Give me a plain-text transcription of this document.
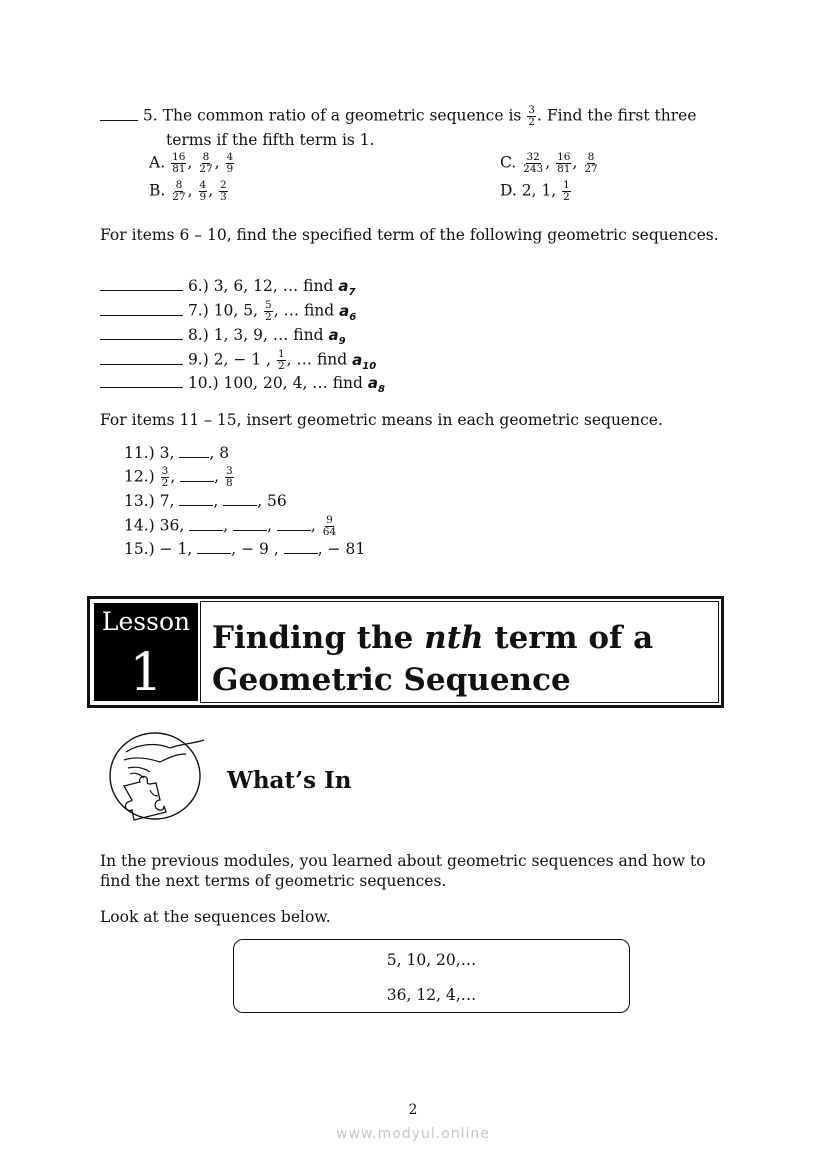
5. The common ratio of a geometric sequence is $\frac{3}{2}$ . Find the first three
terms if the fifth term is 1.
A. $\frac{16}{81}$ , $\frac{8}{27}$ , $\frac{4}{9}$
B. $\frac{8}{27}$ , $\frac{4}{9}$ , $\frac{2}{3}$
C. $\frac{32}{243}$ , $\frac{16}{81}$ , $\frac{8}{27}$
D. 2, 1, $\frac{1}{2}$
For items 6 – 10, find the specified term of the following geometric sequences.
6.) 3, 6, 12, … find $a_7$
7.) 10, 5, $\frac{5}{2}$ , … find $a_6$
8.) 1, 3, 9, … find $a_9$
9.) 2, − 1 , $\frac{1}{2}$ , … find $a_{10}$
10.) 100, 20, 4, … find $a_8$
For items 11 – 15, insert geometric means in each geometric sequence.
11.) 3, , 8
$12.) \frac{3}{2}$ , , $\frac{3}{8}$
13.) 7, , , 56
14.) 36, , , , $\frac{9}{64}$
15.) − 1, , − 9 , , − 81
Lesson
1
Finding the nth term of a
Geometric Sequence
What’s In
In the previous modules, you learned about geometric sequences and how to
find the next terms of geometric sequences.
Look at the sequences below.
5, 10, 20,…
36, 12, 4,…
2
www.modyul.online
